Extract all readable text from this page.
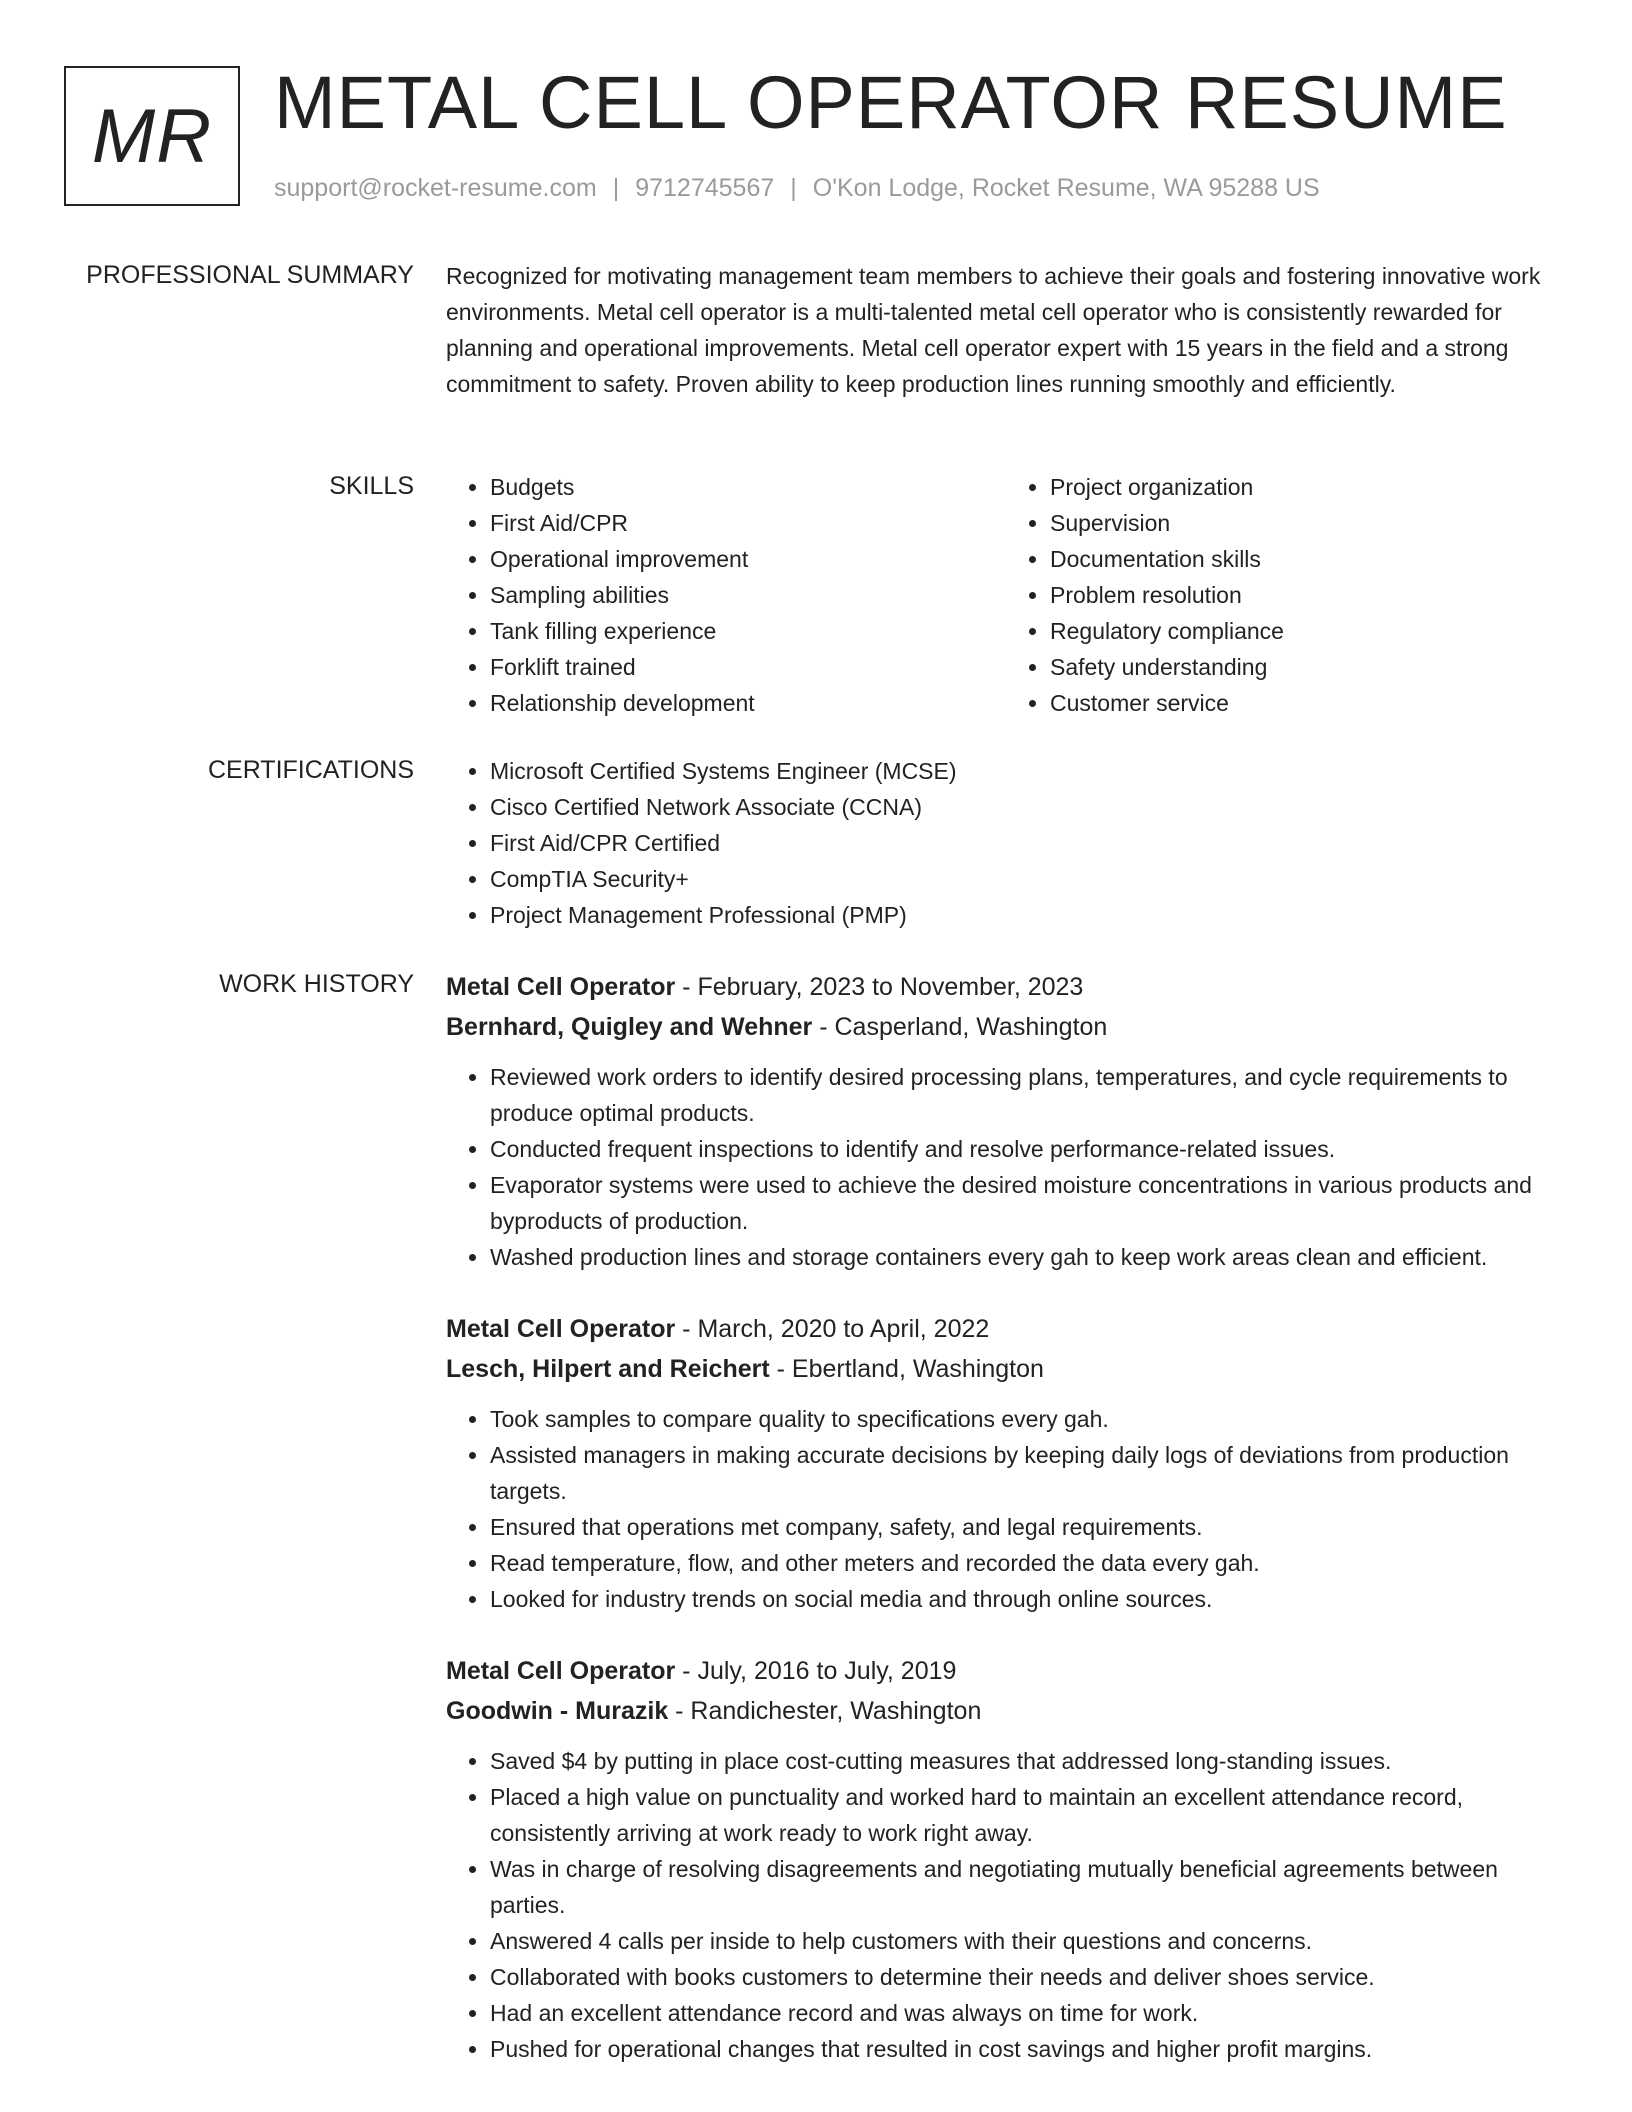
MR METAL CELL OPERATOR RESUME
support@rocket-resume.com | 9712745567 | O'Kon Lodge, Rocket Resume, WA 95288 US
PROFESSIONAL SUMMARY Recognized for motivating management team members to achieve their goals and fostering innovative work environments. Metal cell operator is a multi-talented metal cell operator who is consistently rewarded for planning and operational improvements. Metal cell operator expert with 15 years in the field and a strong commitment to safety. Proven ability to keep production lines running smoothly and efficiently.

SKILLS	• Budgets
• First Aid/CPR
• Operational improvement
• Sampling abilities
• Tank filling experience
• Forklift trained
• Relationship development
• Project organization
• Supervision
• Documentation skills
• Problem resolution
• Regulatory compliance
• Safety understanding
• Customer service
CERTIFICATIONS	• Microsoft Certified Systems Engineer (MCSE)
• Cisco Certified Network Associate (CCNA)
• First Aid/CPR Certified
• CompTIA Security+
• Project Management Professional (PMP)
WORK HISTORY Metal Cell Operator - February, 2023 to November, 2023
Bernhard, Quigley and Wehner - Casperland, Washington
• Reviewed work orders to identify desired processing plans, temperatures, and cycle requirements to produce optimal products.
• Conducted frequent inspections to identify and resolve performance-related issues.
• Evaporator systems were used to achieve the desired moisture concentrations in various products and byproducts of production.
• Washed production lines and storage containers every gah to keep work areas clean and efficient.
Metal Cell Operator - March, 2020 to April, 2022
Lesch, Hilpert and Reichert - Ebertland, Washington
• Took samples to compare quality to specifications every gah.
• Assisted managers in making accurate decisions by keeping daily logs of deviations from production targets.
• Ensured that operations met company, safety, and legal requirements.
• Read temperature, flow, and other meters and recorded the data every gah.
• Looked for industry trends on social media and through online sources.
Metal Cell Operator - July, 2016 to July, 2019
Goodwin - Murazik - Randichester, Washington
• Saved $4 by putting in place cost-cutting measures that addressed long-standing issues.
• Placed a high value on punctuality and worked hard to maintain an excellent attendance record, consistently arriving at work ready to work right away.
• Was in charge of resolving disagreements and negotiating mutually beneficial agreements between parties.
• Answered 4 calls per inside to help customers with their questions and concerns.
• Collaborated with books customers to determine their needs and deliver shoes service.
• Had an excellent attendance record and was always on time for work.
• Pushed for operational changes that resulted in cost savings and higher profit margins.
